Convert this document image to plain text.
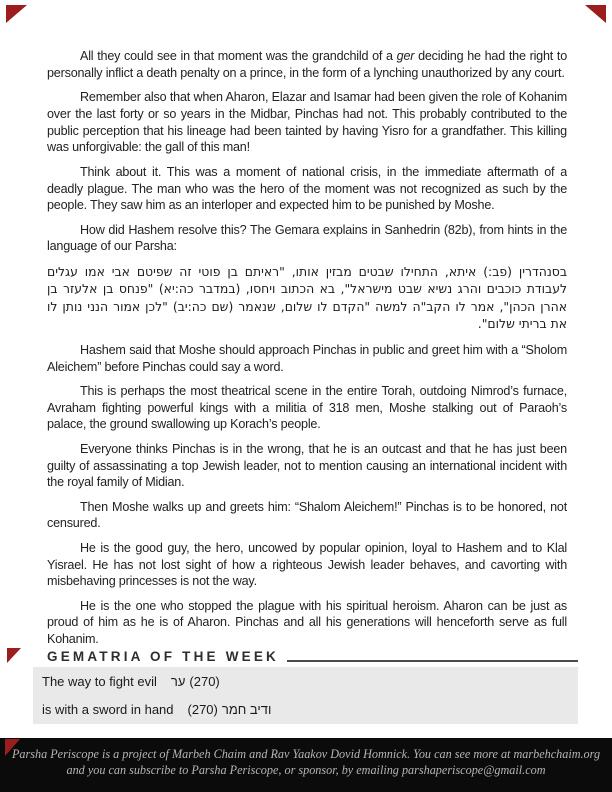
All they could see in that moment was the grandchild of a ger deciding he had the right to personally inflict a death penalty on a prince, in the form of a lynching unauthorized by any court.

Remember also that when Aharon, Elazar and Isamar had been given the role of Kohanim over the last forty or so years in the Midbar, Pinchas had not. This probably contributed to the public perception that his lineage had been tainted by having Yisro for a grandfather. This killing was unforgivable: the gall of this man!

Think about it. This was a moment of national crisis, in the immediate aftermath of a deadly plague. The man who was the hero of the moment was not recognized as such by the people. They saw him as an interloper and expected him to be punished by Moshe.

How did Hashem resolve this? The Gemara explains in Sanhedrin (82b), from hints in the language of our Parsha:

בסנהדרין (פב:) איתא, התחילו שבטים מבזין אותו, "ראיתם בן פוטי זה שפיטם אבי אמו עגלים לעבודת כוכבים והרג נשיא שבט מישראל", בא הכתוב ויחסו, (במדבר כה:יא) "פנחס בן אלעזר בן אהרן הכהן", אמר לו הקב"ה למשה "הקדם לו שלום, שנאמר (שם כה:יב) "לכן אמור הנני נותן לו את בריתי שלום".

Hashem said that Moshe should approach Pinchas in public and greet him with a “Sholom Aleichem” before Pinchas could say a word.

This is perhaps the most theatrical scene in the entire Torah, outdoing Nimrod’s furnace, Avraham fighting powerful kings with a militia of 318 men, Moshe stalking out of Paraoh’s palace, the ground swallowing up Korach’s people.

Everyone thinks Pinchas is in the wrong, that he is an outcast and that he has just been guilty of assassinating a top Jewish leader, not to mention causing an international incident with the royal family of Midian.

Then Moshe walks up and greets him: “Shalom Aleichem!” Pinchas is to be honored, not censured.

He is the good guy, the hero, uncowed by popular opinion, loyal to Hashem and to Klal Yisrael. He has not lost sight of how a righteous Jewish leader behaves, and cavorting with misbehaving princesses is not the way.

He is the one who stopped the plague with his spiritual heroism. Aharon can be just as proud of him as he is of Aharon. Pinchas and all his generations will henceforth serve as full Kohanim.

GEMATRIA OF THE WEEK
The way to fight evil רע (270)
is with a sword in hand (270) רמח בידו
Parsha Periscope is a project of Marbeh Chaim and Rav Yaakov Dovid Homnick. You can see more at marbehchaim.org
and you can subscribe to Parsha Periscope, or sponsor, by emailing parshaperiscope@gmail.com
